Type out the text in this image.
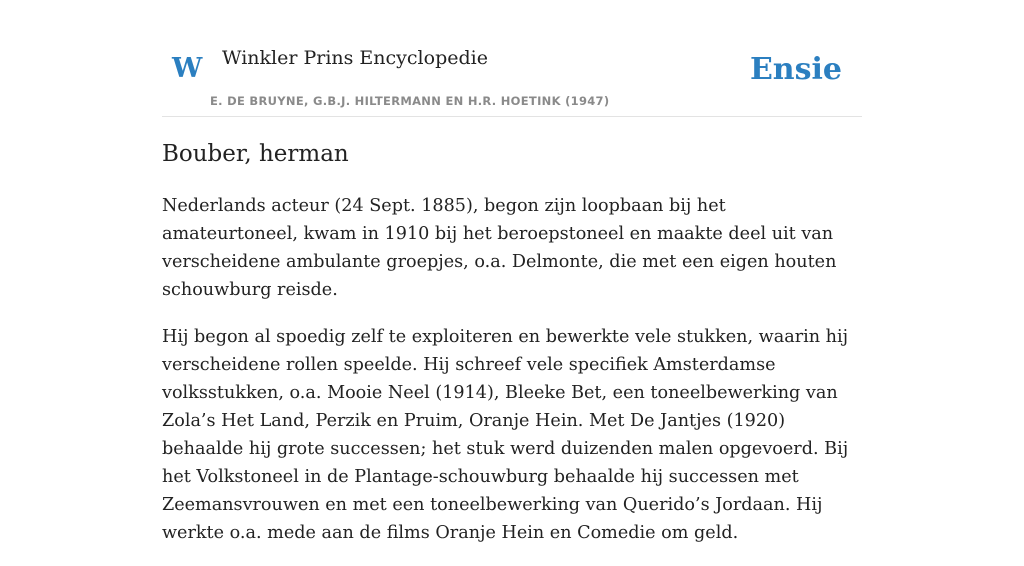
W Winkler Prins Encyclopedie
E. DE BRUYNE, G.B.J. HILTERMANN EN H.R. HOETINK (1947)
Ensie
Bouber, herman

Nederlands acteur (24 Sept. 1885), begon zijn loopbaan bij het amateurtoneel, kwam in 1910 bij het beroepstoneel en maakte deel uit van verscheidene ambulante groepjes, o.a. Delmonte, die met een eigen houten schouwburg reisde.

Hij begon al spoedig zelf te exploiteren en bewerkte vele stukken, waarin hij verscheidene rollen speelde. Hij schreef vele specifiek Amsterdamse volksstukken, o.a. Mooie Neel (1914), Bleeke Bet, een toneelbewerking van Zola’s Het Land, Perzik en Pruim, Oranje Hein. Met De Jantjes (1920) behaalde hij grote successen; het stuk werd duizenden malen opgevoerd. Bij het Volkstoneel in de Plantage-schouwburg behaalde hij successen met Zeemansvrouwen en met een toneelbewerking van Querido’s Jordaan. Hij werkte o.a. mede aan de films Oranje Hein en Comedie om geld.
